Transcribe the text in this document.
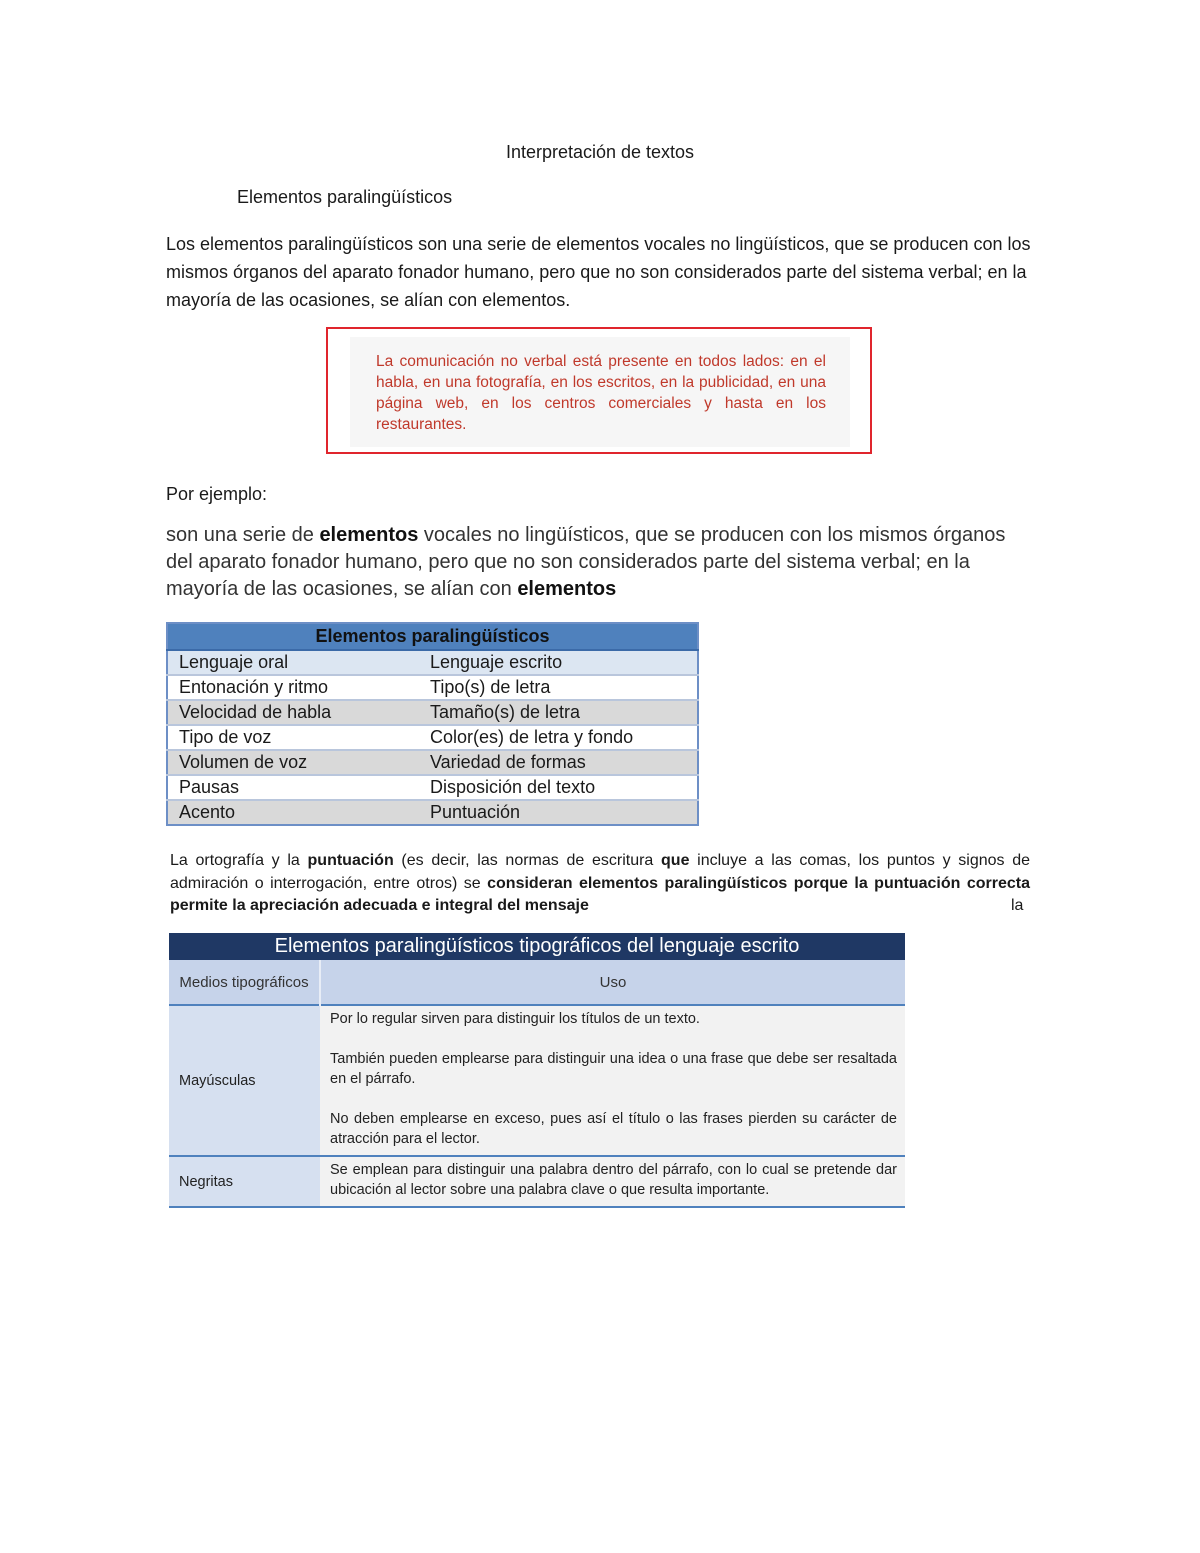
Interpretación de textos
Elementos paralingüísticos
Los elementos paralingüísticos son una serie de elementos vocales no lingüísticos, que se producen con los mismos órganos del aparato fonador humano, pero que no son considerados parte del sistema verbal; en la mayoría de las ocasiones, se alían con elementos.
La comunicación no verbal está presente en todos lados: en el habla, en una fotografía, en los escritos, en la publicidad, en una página web, en los centros comerciales y hasta en los restaurantes.
Por ejemplo:
son una serie de elementos vocales no lingüísticos, que se producen con los mismos órganos del aparato fonador humano, pero que no son considerados parte del sistema verbal; en la mayoría de las ocasiones, se alían con elementos
Elementos paralingüísticos	
Lenguaje oral	Lenguaje escrito
Entonación y ritmo	Tipo(s) de letra
Velocidad de habla	Tamaño(s) de letra
Tipo de voz	Color(es) de letra y fondo
Volumen de voz	Variedad de formas
Pausas	Disposición del texto
Acento	Puntuación
La ortografía y la puntuación (es decir, las normas de escritura que incluye a las comas, los puntos y signos de admiración o interrogación, entre otros) se consideran elementos paralingüísticos porque la puntuación correcta permite la apreciación adecuada e integral del mensaje	la
Elementos paralingüísticos tipográficos del lenguaje escrito	
Medios tipográficos	Uso
Mayúsculas	Por lo regular sirven para distinguir los títulos de un texto.

También pueden emplearse para distinguir una idea o una frase que debe ser resaltada en el párrafo.

No deben emplearse en exceso, pues así el título o las frases pierden su carácter de atracción para el lector.

Negritas	Se emplean para distinguir una palabra dentro del párrafo, con lo cual se pretende dar ubicación al lector sobre una palabra clave o que resulta importante.
